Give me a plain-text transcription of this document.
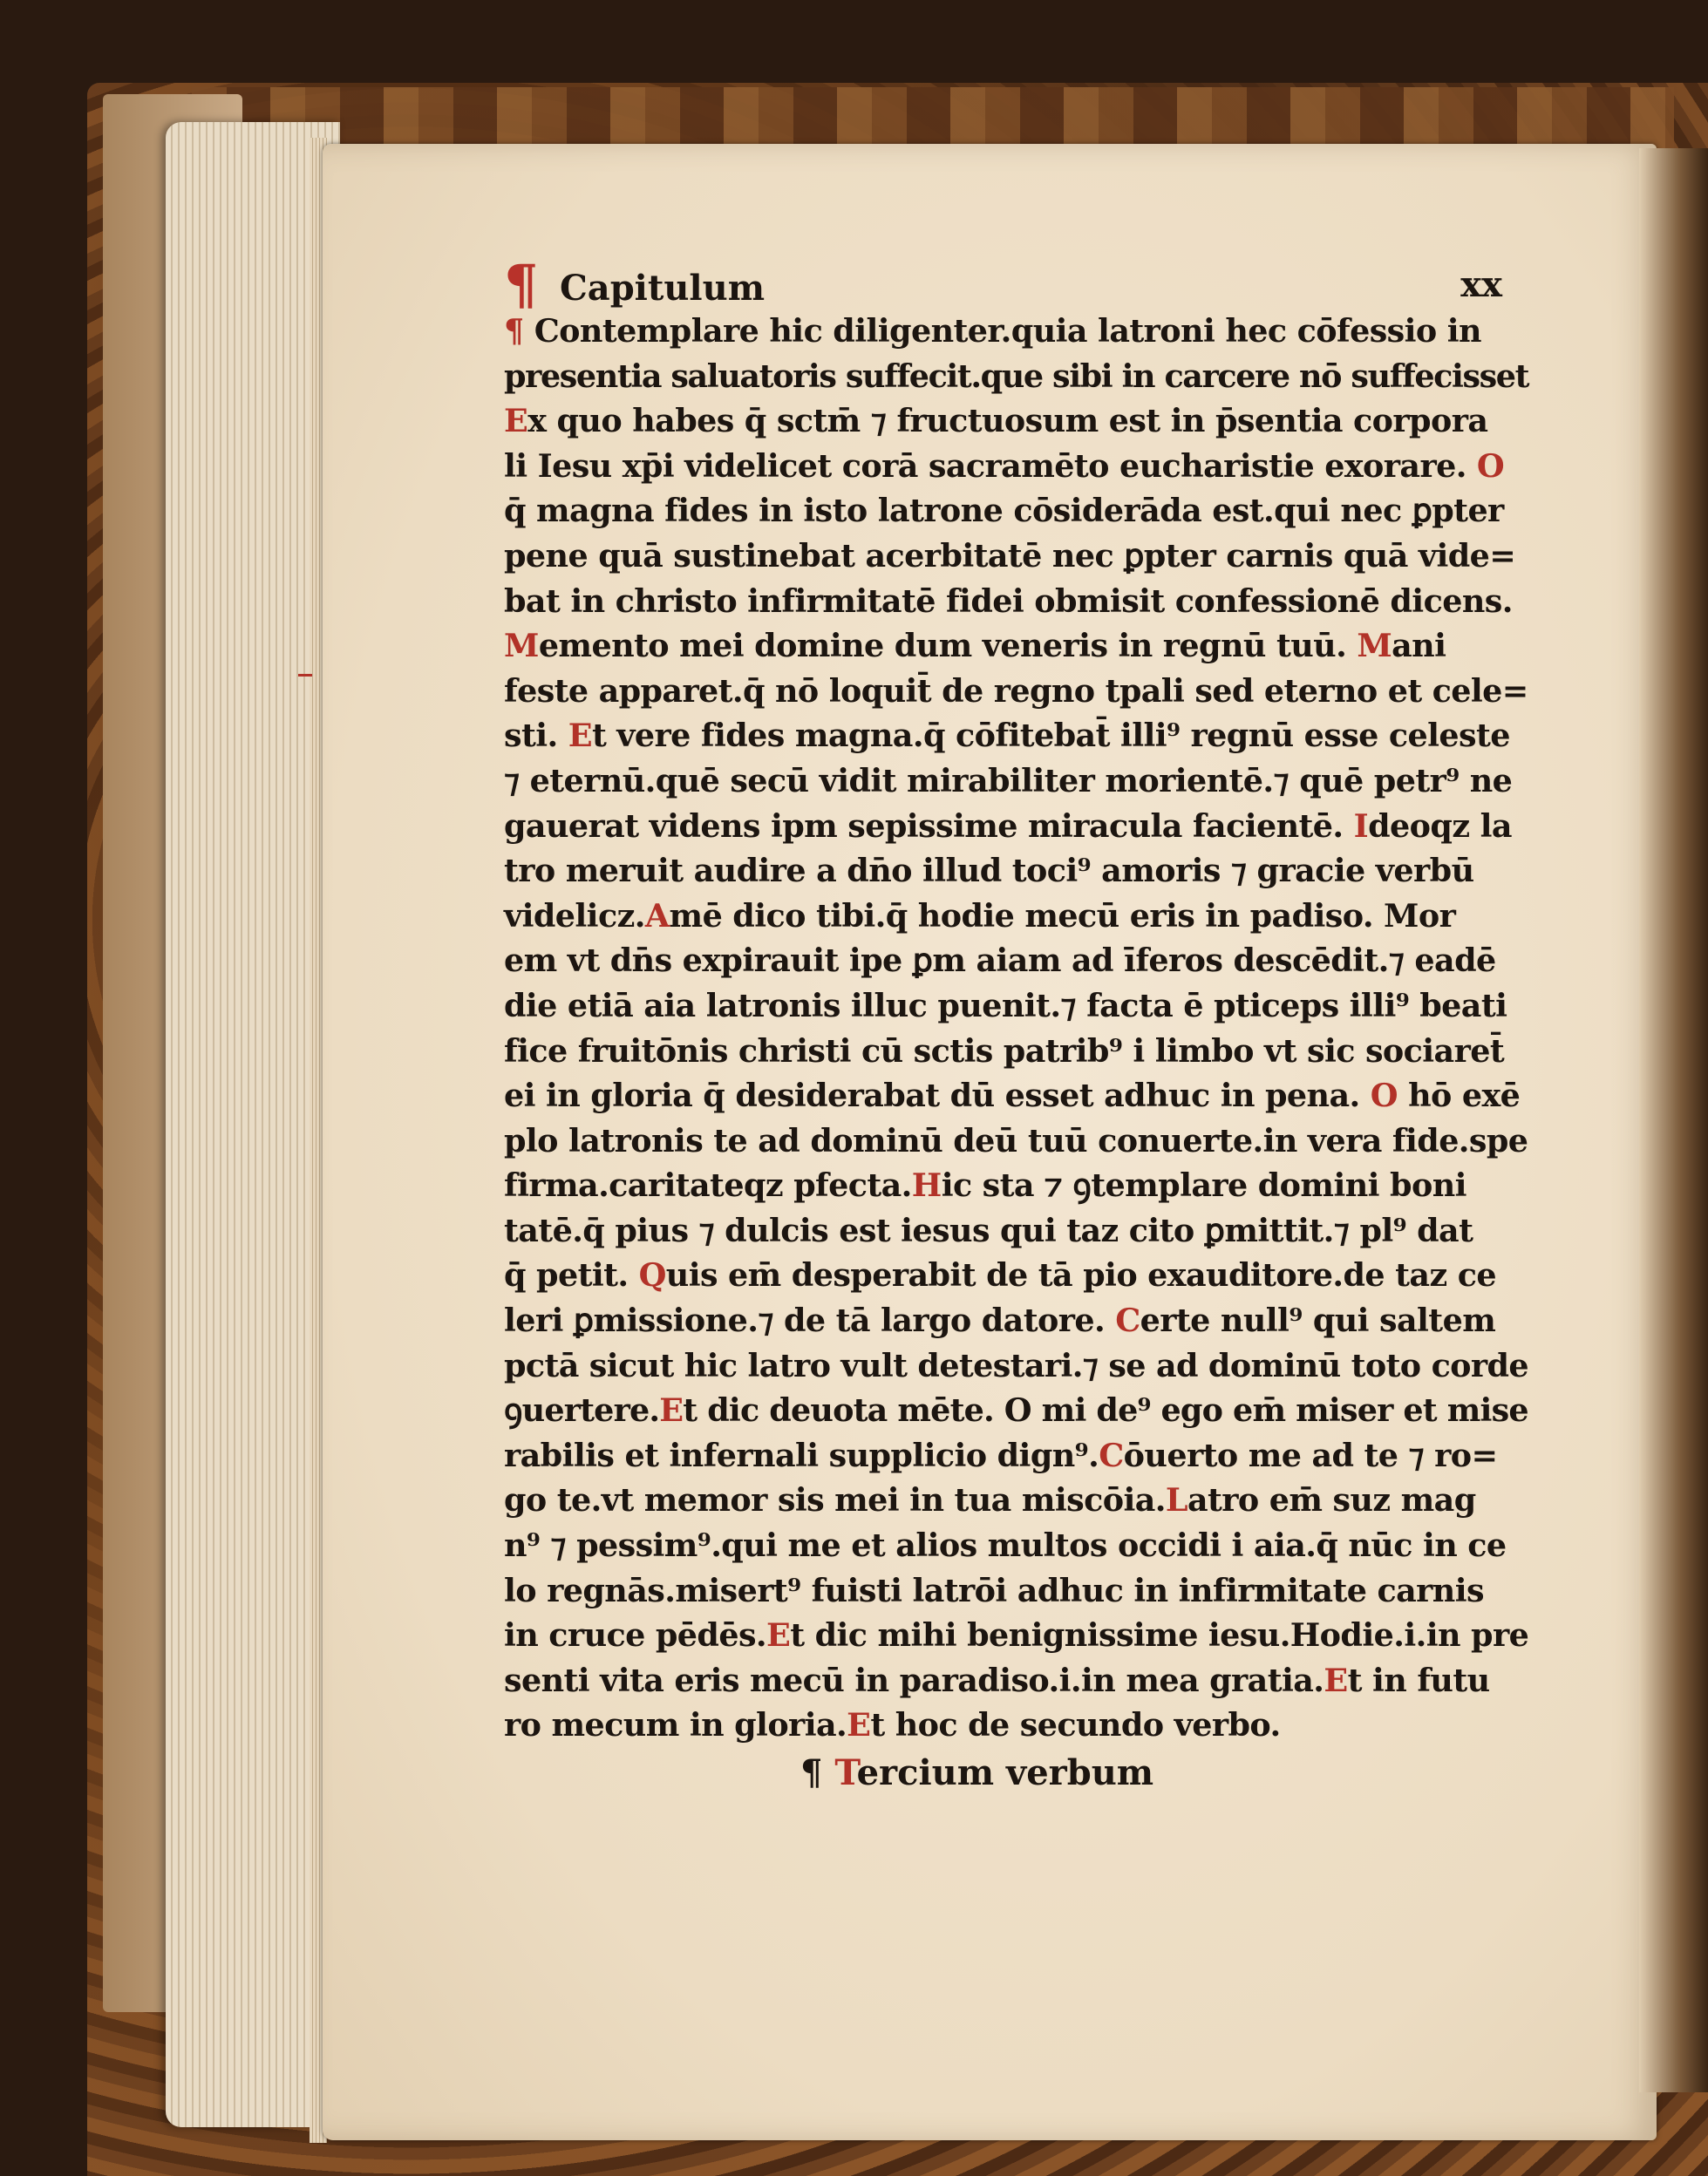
¶ Capitulum	xx
¶ Contemplare hic diligenter.quia latroni hec cōfessio in
presentia saluatoris suffecit.que sibi in carcere nō suffecisset
Ex quo habes q̄ sctm̄ ⁊ fructuosum est in p̄sentia corpora
li Iesu xp̄i videlicet corā sacramēto eucharistie exorare. O
q̄ magna fides in isto latrone cōsiderāda est.qui nec ꝑpter
pene quā sustinebat acerbitatē nec ꝑpter carnis quā vide=
bat in christo infirmitatē fidei obmisit confessionē dicens.
Memento mei domine dum veneris in regnū tuū. Mani
feste apparet.q̄ nō loquit̄ de regno tpali sed eterno et cele=
sti. Et vere fides magna.q̄ cōfitebat̄ illi⁹ regnū esse celeste
⁊ eternū.quē secū vidit mirabiliter morientē.⁊ quē petr⁹ ne
gauerat videns ipm sepissime miracula facientē. Ideoqz la
tro meruit audire a dn̄o illud toci⁹ amoris ⁊ gracie verbū
videlicz.Amē dico tibi.q̄ hodie mecū eris in padiso. Mor
em vt dn̄s expirauit ipe ꝑm aiam ad īferos descēdit.⁊ eadē
die etiā aia latronis illuc puenit.⁊ facta ē pticeps illi⁹ beati
fice fruitōnis christi cū sctis patrib⁹ i limbo vt sic sociaret̄
ei in gloria q̄ desiderabat dū esset adhuc in pena. O hō exē
plo latronis te ad dominū deū tuū conuerte.in vera fide.spe
firma.caritateqz pfecta.Hic sta ⁊ ꝯtemplare domini boni
tatē.q̄ pius ⁊ dulcis est iesus qui taz cito ꝑmittit.⁊ pl⁹ dat
q̄ petit. Quis em̄ desperabit de tā pio exauditore.de taz ce
leri ꝑmissione.⁊ de tā largo datore. Certe null⁹ qui saltem
pctā sicut hic latro vult detestari.⁊ se ad dominū toto corde
ꝯuertere.Et dic deuota mēte. O mi de⁹ ego em̄ miser et mise
rabilis et infernali supplicio dign⁹.Cōuerto me ad te ⁊ ro=
go te.vt memor sis mei in tua miscōia.Latro em̄ suz mag
n⁹ ⁊ pessim⁹.qui me et alios multos occidi i aia.q̄ nūc in ce
lo regnās.misert⁹ fuisti latrōi adhuc in infirmitate carnis
in cruce pēdēs.Et dic mihi benignissime iesu.Hodie.i.in pre
senti vita eris mecū in paradiso.i.in mea gratia.Et in futu
ro mecum in gloria.Et hoc de secundo verbo.
¶ Tercium verbum
